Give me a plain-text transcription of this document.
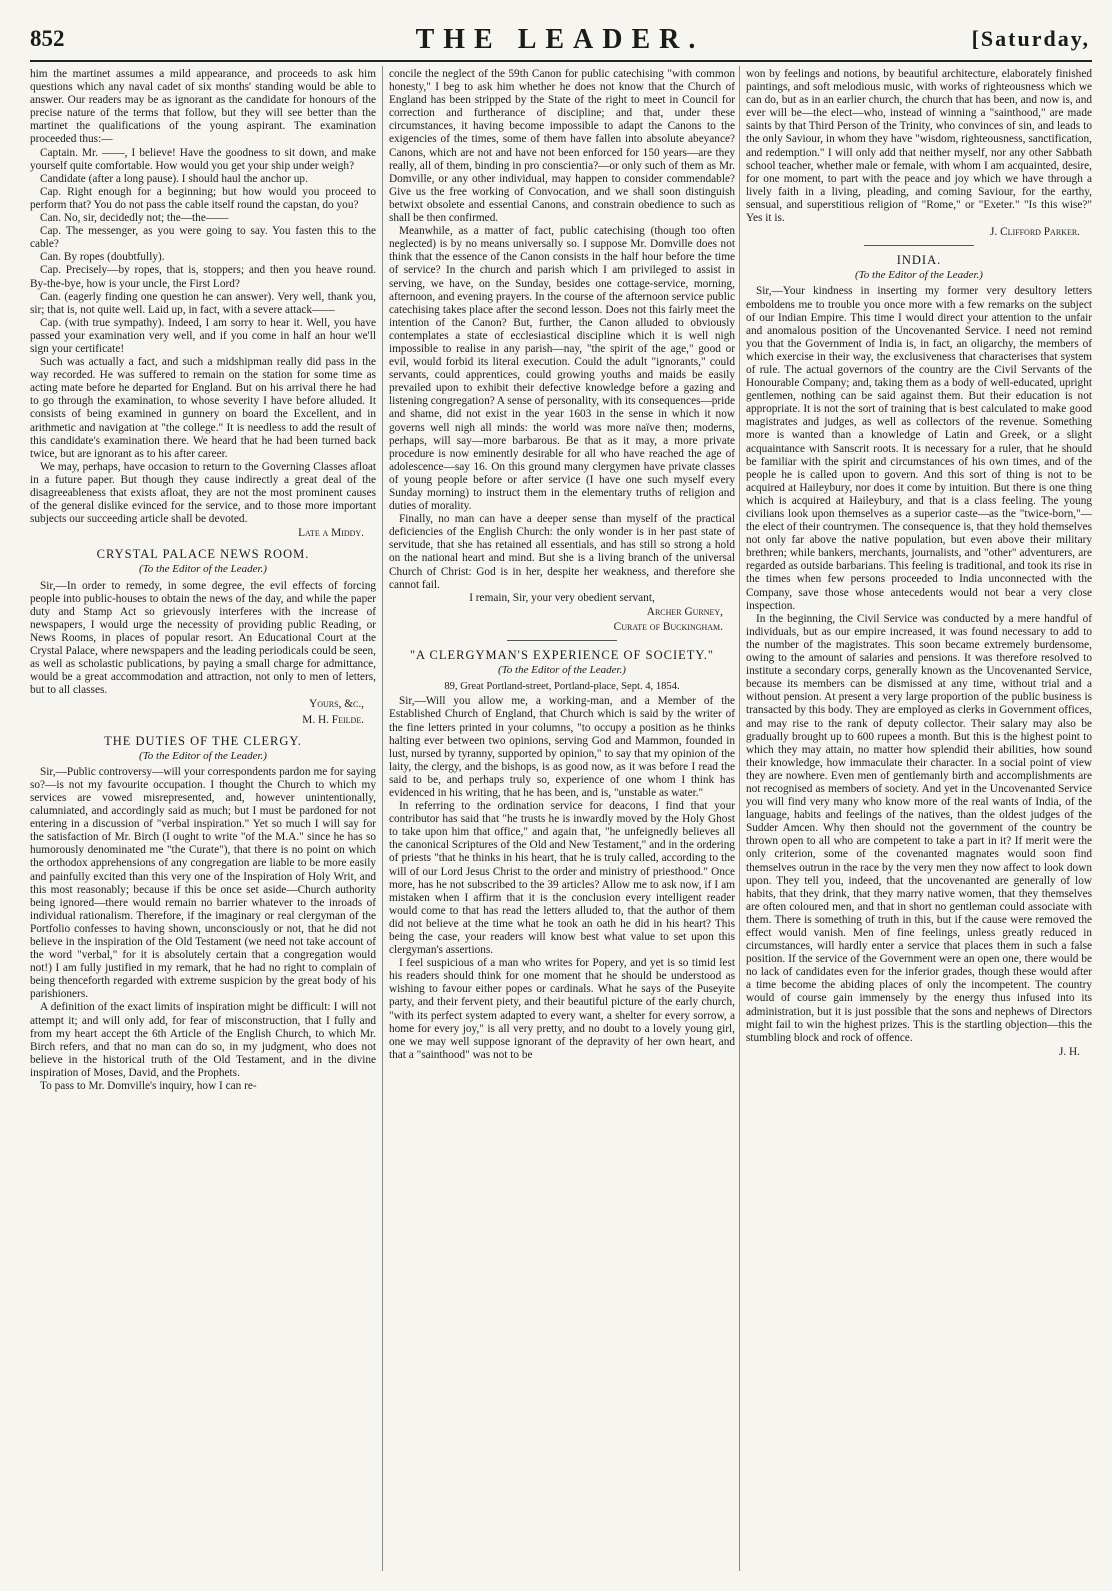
852	THE LEADER.	[Saturday,

him the martinet assumes a mild appearance, and proceeds to ask him questions which any naval cadet of six months' standing would be able to answer. Our readers may be as ignorant as the candidate for honours of the precise nature of the terms that follow, but they will see better than the martinet the qualifications of the young aspirant. The examination proceeded thus:—

Captain. Mr. ——, I believe! Have the goodness to sit down, and make yourself quite comfortable. How would you get your ship under weigh?

Candidate (after a long pause). I should haul the anchor up.

Cap. Right enough for a beginning; but how would you proceed to perform that? You do not pass the cable itself round the capstan, do you?

Can. No, sir, decidedly not; the—the——

Cap. The messenger, as you were going to say. You fasten this to the cable?

Can. By ropes (doubtfully).

Cap. Precisely—by ropes, that is, stoppers; and then you heave round. By-the-bye, how is your uncle, the First Lord?

Can. (eagerly finding one question he can answer). Very well, thank you, sir; that is, not quite well. Laid up, in fact, with a severe attack——

Cap. (with true sympathy). Indeed, I am sorry to hear it. Well, you have passed your examination very well, and if you come in half an hour we'll sign your certificate!

Such was actually a fact, and such a midshipman really did pass in the way recorded. He was suffered to remain on the station for some time as acting mate before he departed for England. But on his arrival there he had to go through the examination, to whose severity I have before alluded. It consists of being examined in gunnery on board the Excellent, and in arithmetic and navigation at "the college." It is needless to add the result of this candidate's examination there. We heard that he had been turned back twice, but are ignorant as to his after career.

We may, perhaps, have occasion to return to the Governing Classes afloat in a future paper. But though they cause indirectly a great deal of the disagreeableness that exists afloat, they are not the most prominent causes of the general dislike evinced for the service, and to those more important subjects our succeeding article shall be devoted.

Late a Middy.
CRYSTAL PALACE NEWS ROOM.
(To the Editor of the Leader.)

Sir,—In order to remedy, in some degree, the evil effects of forcing people into public-houses to obtain the news of the day, and while the paper duty and Stamp Act so grievously interferes with the increase of newspapers, I would urge the necessity of providing public Reading, or News Rooms, in places of popular resort. An Educational Court at the Crystal Palace, where newspapers and the leading periodicals could be seen, as well as scholastic publications, by paying a small charge for admittance, would be a great accommodation and attraction, not only to men of letters, but to all classes.

Yours, &c.,
M. H. Feilde.
THE DUTIES OF THE CLERGY.
(To the Editor of the Leader.)

Sir,—Public controversy—will your correspondents pardon me for saying so?—is not my favourite occupation. I thought the Church to which my services are vowed misrepresented, and, however unintentionally, calumniated, and accordingly said as much; but I must be pardoned for not entering in a discussion of "verbal inspiration." Yet so much I will say for the satisfaction of Mr. Birch (I ought to write "of the M.A." since he has so humorously denominated me "the Curate"), that there is no point on which the orthodox apprehensions of any congregation are liable to be more easily and painfully excited than this very one of the Inspiration of Holy Writ, and this most reasonably; because if this be once set aside—Church authority being ignored—there would remain no barrier whatever to the inroads of individual rationalism. Therefore, if the imaginary or real clergyman of the Portfolio confesses to having shown, unconsciously or not, that he did not believe in the inspiration of the Old Testament (we need not take account of the word "verbal," for it is absolutely certain that a congregation would not!) I am fully justified in my remark, that he had no right to complain of being thenceforth regarded with extreme suspicion by the great body of his parishioners.

A definition of the exact limits of inspiration might be difficult: I will not attempt it; and will only add, for fear of misconstruction, that I fully and from my heart accept the 6th Article of the English Church, to which Mr. Birch refers, and that no man can do so, in my judgment, who does not believe in the historical truth of the Old Testament, and in the divine inspiration of Moses, David, and the Prophets.

To pass to Mr. Domville's inquiry, how I can re-

concile the neglect of the 59th Canon for public catechising "with common honesty," I beg to ask him whether he does not know that the Church of England has been stripped by the State of the right to meet in Council for correction and furtherance of discipline; and that, under these circumstances, it having become impossible to adapt the Canons to the exigencies of the times, some of them have fallen into absolute abeyance? Canons, which are not and have not been enforced for 150 years—are they really, all of them, binding in pro conscientia?—or only such of them as Mr. Domville, or any other individual, may happen to consider commendable? Give us the free working of Convocation, and we shall soon distinguish betwixt obsolete and essential Canons, and constrain obedience to such as shall be then confirmed.

Meanwhile, as a matter of fact, public catechising (though too often neglected) is by no means universally so. I suppose Mr. Domville does not think that the essence of the Canon consists in the half hour before the time of service? In the church and parish which I am privileged to assist in serving, we have, on the Sunday, besides one cottage-service, morning, afternoon, and evening prayers. In the course of the afternoon service public catechising takes place after the second lesson. Does not this fairly meet the intention of the Canon? But, further, the Canon alluded to obviously contemplates a state of ecclesiastical discipline which it is well nigh impossible to realise in any parish—nay, "the spirit of the age," good or evil, would forbid its literal execution. Could the adult "ignorants," could servants, could apprentices, could growing youths and maids be easily prevailed upon to exhibit their defective knowledge before a gazing and listening congregation? A sense of personality, with its consequences—pride and shame, did not exist in the year 1603 in the sense in which it now governs well nigh all minds: the world was more naïve then; moderns, perhaps, will say—more barbarous. Be that as it may, a more private procedure is now eminently desirable for all who have reached the age of adolescence—say 16. On this ground many clergymen have private classes of young people before or after service (I have one such myself every Sunday morning) to instruct them in the elementary truths of religion and duties of morality.

Finally, no man can have a deeper sense than myself of the practical deficiencies of the English Church: the only wonder is in her past state of servitude, that she has retained all essentials, and has still so strong a hold on the national heart and mind. But she is a living branch of the universal Church of Christ: God is in her, despite her weakness, and therefore she cannot fail.

I remain, Sir, your very obedient servant,
Archer Gurney,
Curate of Buckingham.
"A CLERGYMAN'S EXPERIENCE OF SOCIETY."
(To the Editor of the Leader.)
89, Great Portland-street, Portland-place, Sept. 4, 1854.

Sir,—Will you allow me, a working-man, and a Member of the Established Church of England, that Church which is said by the writer of the fine letters printed in your columns, "to occupy a position as he thinks halting ever between two opinions, serving God and Mammon, founded in lust, nursed by tyranny, supported by opinion," to say that my opinion of the laity, the clergy, and the bishops, is as good now, as it was before I read the said to be, and perhaps truly so, experience of one whom I think has evidenced in his writing, that he has been, and is, "unstable as water."

In referring to the ordination service for deacons, I find that your contributor has said that "he trusts he is inwardly moved by the Holy Ghost to take upon him that office," and again that, "he unfeignedly believes all the canonical Scriptures of the Old and New Testament," and in the ordering of priests "that he thinks in his heart, that he is truly called, according to the will of our Lord Jesus Christ to the order and ministry of priesthood." Once more, has he not subscribed to the 39 articles? Allow me to ask now, if I am mistaken when I affirm that it is the conclusion every intelligent reader would come to that has read the letters alluded to, that the author of them did not believe at the time what he took an oath he did in his heart? This being the case, your readers will know best what value to set upon this clergyman's assertions.

I feel suspicious of a man who writes for Popery, and yet is so timid lest his readers should think for one moment that he should be understood as wishing to favour either popes or cardinals. What he says of the Puseyite party, and their fervent piety, and their beautiful picture of the early church, "with its perfect system adapted to every want, a shelter for every sorrow, a home for every joy," is all very pretty, and no doubt to a lovely young girl, one we may well suppose ignorant of the depravity of her own heart, and that a "sainthood" was not to be

won by feelings and notions, by beautiful architecture, elaborately finished paintings, and soft melodious music, with works of righteousness which we can do, but as in an earlier church, the church that has been, and now is, and ever will be—the elect—who, instead of winning a "sainthood," are made saints by that Third Person of the Trinity, who convinces of sin, and leads to the only Saviour, in whom they have "wisdom, righteousness, sanctification, and redemption." I will only add that neither myself, nor any other Sabbath school teacher, whether male or female, with whom I am acquainted, desire, for one moment, to part with the peace and joy which we have through a lively faith in a living, pleading, and coming Saviour, for the earthy, sensual, and superstitious religion of "Rome," or "Exeter." "Is this wise?" Yes it is.

J. Clifford Parker.
INDIA.
(To the Editor of the Leader.)

Sir,—Your kindness in inserting my former very desultory letters emboldens me to trouble you once more with a few remarks on the subject of our Indian Empire. This time I would direct your attention to the unfair and anomalous position of the Uncovenanted Service. I need not remind you that the Government of India is, in fact, an oligarchy, the members of which exercise in their way, the exclusiveness that characterises that system of rule. The actual governors of the country are the Civil Servants of the Honourable Company; and, taking them as a body of well-educated, upright gentlemen, nothing can be said against them. But their education is not appropriate. It is not the sort of training that is best calculated to make good magistrates and judges, as well as collectors of the revenue. Something more is wanted than a knowledge of Latin and Greek, or a slight acquaintance with Sanscrit roots. It is necessary for a ruler, that he should be familiar with the spirit and circumstances of his own times, and of the people he is called upon to govern. And this sort of thing is not to be acquired at Haileybury, nor does it come by intuition. But there is one thing which is acquired at Haileybury, and that is a class feeling. The young civilians look upon themselves as a superior caste—as the "twice-born,"—the elect of their countrymen. The consequence is, that they hold themselves not only far above the native population, but even above their military brethren; while bankers, merchants, journalists, and "other" adventurers, are regarded as outside barbarians. This feeling is traditional, and took its rise in the times when few persons proceeded to India unconnected with the Company, save those whose antecedents would not bear a very close inspection.

In the beginning, the Civil Service was conducted by a mere handful of individuals, but as our empire increased, it was found necessary to add to the number of the magistrates. This soon became extremely burdensome, owing to the amount of salaries and pensions. It was therefore resolved to institute a secondary corps, generally known as the Uncovenanted Service, because its members can be dismissed at any time, without trial and a without pension. At present a very large proportion of the public business is transacted by this body. They are employed as clerks in Government offices, and may rise to the rank of deputy collector. Their salary may also be gradually brought up to 600 rupees a month. But this is the highest point to which they may attain, no matter how splendid their abilities, how sound their knowledge, how immaculate their character. In a social point of view they are nowhere. Even men of gentlemanly birth and accomplishments are not recognised as members of society. And yet in the Uncovenanted Service you will find very many who know more of the real wants of India, of the language, habits and feelings of the natives, than the oldest judges of the Sudder Amcen. Why then should not the government of the country be thrown open to all who are competent to take a part in it? If merit were the only criterion, some of the covenanted magnates would soon find themselves outrun in the race by the very men they now affect to look down upon. They tell you, indeed, that the uncovenanted are generally of low habits, that they drink, that they marry native women, that they themselves are often coloured men, and that in short no gentleman could associate with them. There is something of truth in this, but if the cause were removed the effect would vanish. Men of fine feelings, unless greatly reduced in circumstances, will hardly enter a service that places them in such a false position. If the service of the Government were an open one, there would be no lack of candidates even for the inferior grades, though these would after a time become the abiding places of only the incompetent. The country would of course gain immensely by the energy thus infused into its administration, but it is just possible that the sons and nephews of Directors might fail to win the highest prizes. This is the startling objection—this the stumbling block and rock of offence.

J. H.
